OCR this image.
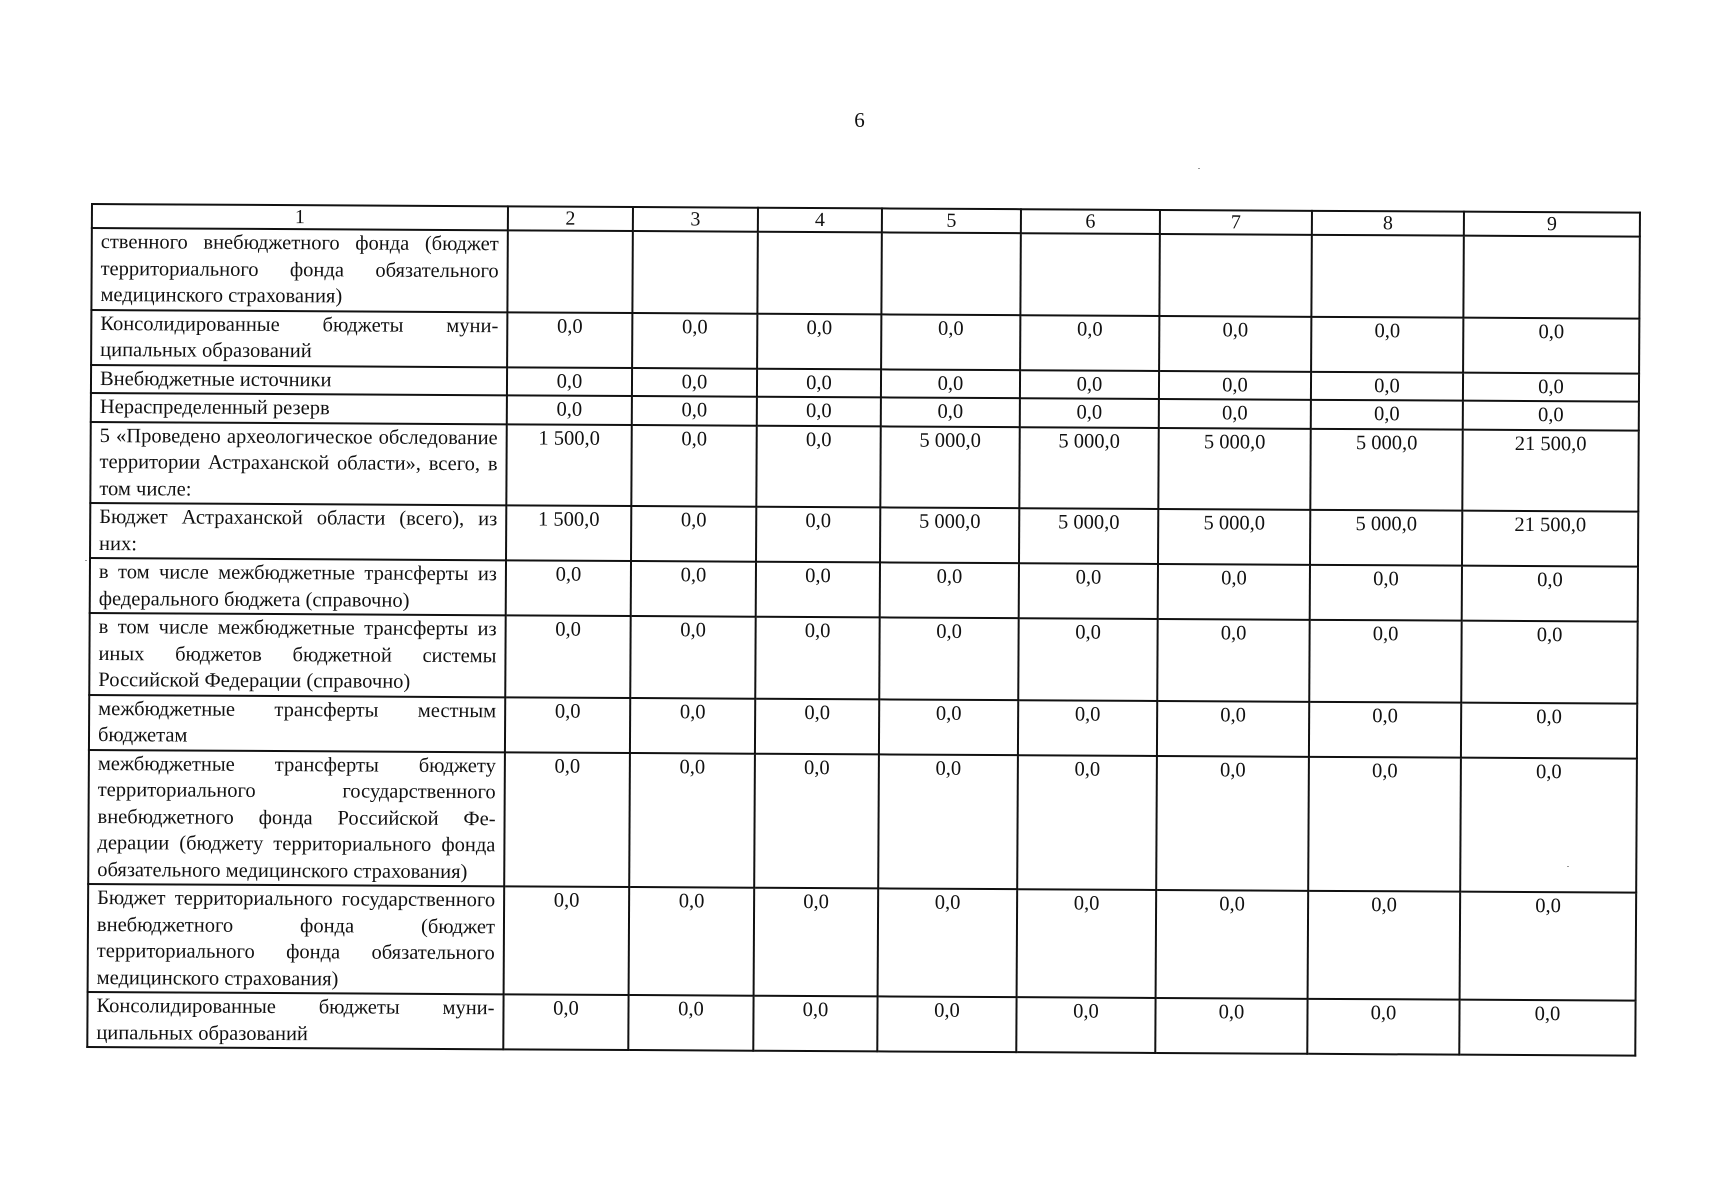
6
1	2	3	4	5	6	7	8	9
ственного внебюджетного фонда (бюджет территориального фонда обязательного медицинского страхования)								
Консолидированные бюджеты муниципальных образований	0,0	0,0	0,0	0,0	0,0	0,0	0,0	0,0
Внебюджетные источники	0,0	0,0	0,0	0,0	0,0	0,0	0,0	0,0
Нераспределенный резерв	0,0	0,0	0,0	0,0	0,0	0,0	0,0	0,0
5 «Проведено археологическое обследование территории Астраханской области», всего, в том числе:	1 500,0	0,0	0,0	5 000,0	5 000,0	5 000,0	5 000,0	21 500,0
Бюджет Астраханской области (всего), из них:	1 500,0	0,0	0,0	5 000,0	5 000,0	5 000,0	5 000,0	21 500,0
в том числе межбюджетные трансферты из федерального бюджета (справочно)	0,0	0,0	0,0	0,0	0,0	0,0	0,0	0,0
в том числе межбюджетные трансферты из иных бюджетов бюджетной системы Российской Федерации (справочно)	0,0	0,0	0,0	0,0	0,0	0,0	0,0	0,0
межбюджетные трансферты местным бюджетам	0,0	0,0	0,0	0,0	0,0	0,0	0,0	0,0
межбюджетные трансферты бюджету территориального государственного внебюджетного фонда Российской Федерации (бюджету территориального фонда обязательного медицинского страхования)	0,0	0,0	0,0	0,0	0,0	0,0	0,0	0,0
Бюджет территориального государственного внебюджетного фонда (бюджет территориального фонда обязательного медицинского страхования)	0,0	0,0	0,0	0,0	0,0	0,0	0,0	0,0
Консолидированные бюджеты муниципальных образований	0,0	0,0	0,0	0,0	0,0	0,0	0,0	0,0
